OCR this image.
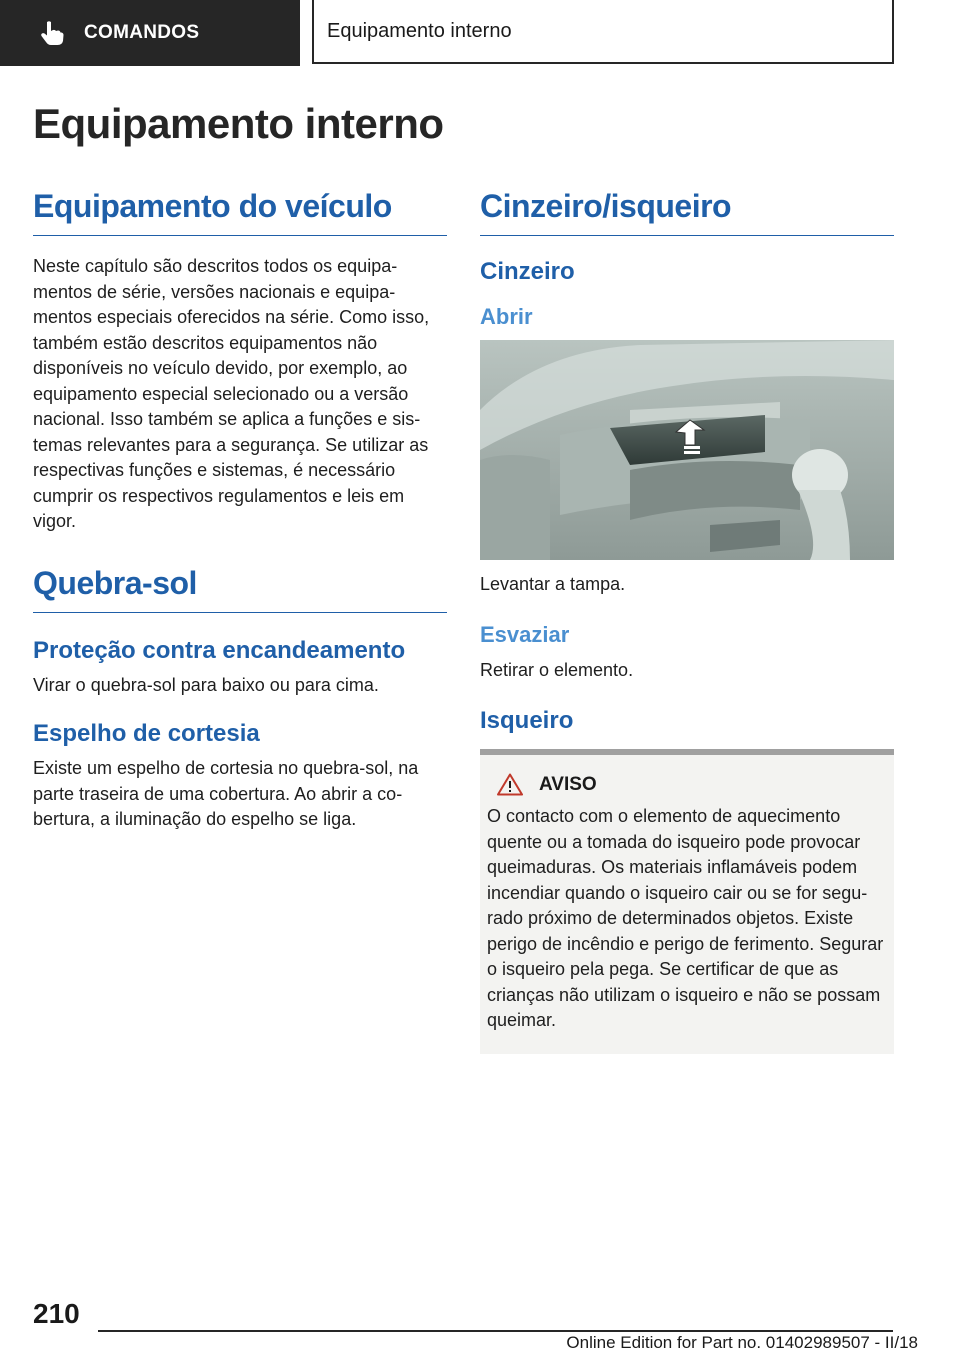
COMANDOS	Equipamento interno
Equipamento interno
Equipamento do veículo

Neste capítulo são descritos todos os equipamentos de série, versões nacionais e equipamentos especiais oferecidos na série. Como isso, também estão descritos equipamentos não disponíveis no veículo devido, por exemplo, ao equipamento especial selecionado ou a versão nacional. Isso também se aplica a funções e sistemas relevantes para a segurança. Se utilizar as respectivas funções e sistemas, é necessário cumprir os respectivos regulamentos e leis em vigor.

Quebra-sol
Proteção contra encandeamento

Virar o quebra-sol para baixo ou para cima.

Espelho de cortesia

Existe um espelho de cortesia no quebra-sol, na parte traseira de uma cobertura. Ao abrir a cobertura, a iluminação do espelho se liga.

Cinzeiro/isqueiro
Cinzeiro
Abrir

Levantar a tampa.

Esvaziar

Retirar o elemento.

Isqueiro
AVISO

O contacto com o elemento de aquecimento quente ou a tomada do isqueiro pode provocar queimaduras. Os materiais inflamáveis podem incendiar quando o isqueiro cair ou se for segurado próximo de determinados objetos. Existe perigo de incêndio e perigo de ferimento. Segurar o isqueiro pela pega. Se certificar de que as crianças não utilizam o isqueiro e não se possam queimar.

210
Online Edition for Part no. 01402989507 - II/18
